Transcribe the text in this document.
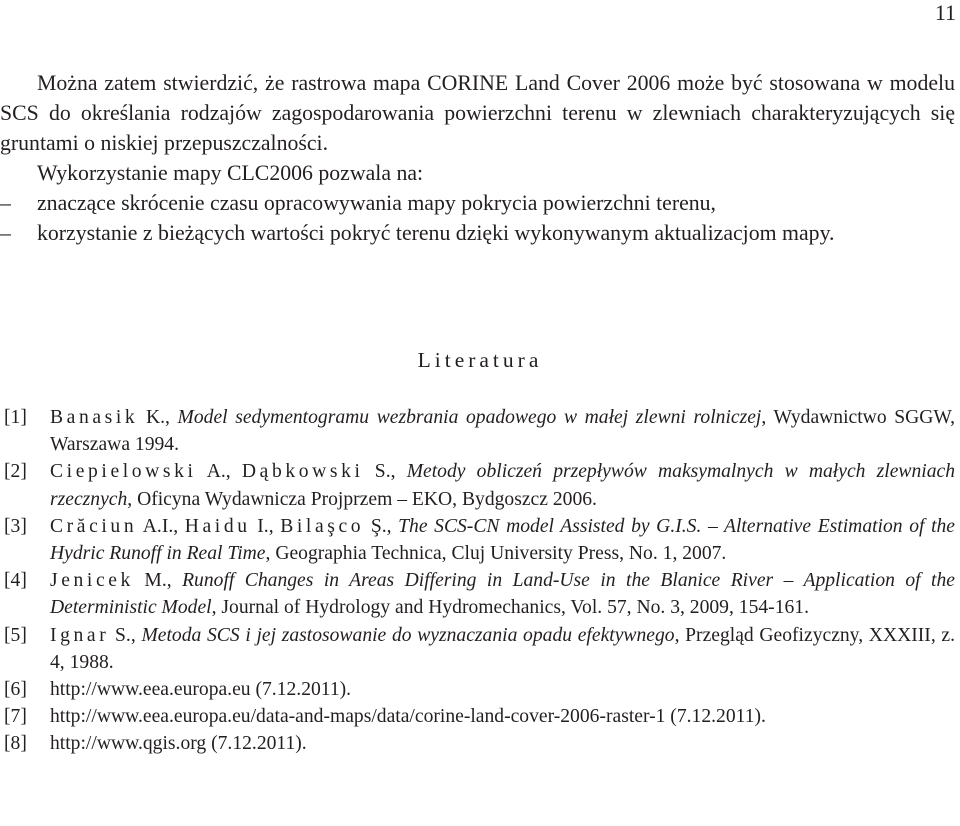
11

Można zatem stwierdzić, że rastrowa mapa CORINE Land Cover 2006 może być stosowana w modelu SCS do określania rodzajów zagospodarowania powierzchni terenu w zlewniach charakteryzujących się gruntami o niskiej przepuszczalności.

Wykorzystanie mapy CLC2006 pozwala na:

– znaczące skrócenie czasu opracowywania mapy pokrycia powierzchni terenu,
– korzystanie z bieżących wartości pokryć terenu dzięki wykonywanym aktualizacjom mapy.
Literatura
[1] Banasik K., Model sedymentogramu wezbrania opadowego w małej zlewni rolniczej, Wydawnictwo SGGW, Warszawa 1994.
[2] Ciepielowski A., Dąbkowski S., Metody obliczeń przepływów maksymalnych w małych zlewniach rzecznych, Oficyna Wydawnicza Projprzem – EKO, Bydgoszcz 2006.
[3] Crăciun A.I., Haidu I., Bilaşco Ş., The SCS-CN model Assisted by G.I.S. – Alternative Estimation of the Hydric Runoff in Real Time, Geographia Technica, Cluj University Press, No. 1, 2007.
[4] Jenicek M., Runoff Changes in Areas Differing in Land-Use in the Blanice River – Application of the Deterministic Model, Journal of Hydrology and Hydromechanics, Vol. 57, No. 3, 2009, 154-161.
[5] Ignar S., Metoda SCS i jej zastosowanie do wyznaczania opadu efektywnego, Przegląd Geofizyczny, XXXIII, z. 4, 1988.
[6] http://www.eea.europa.eu (7.12.2011).
[7] http://www.eea.europa.eu/data-and-maps/data/corine-land-cover-2006-raster-1 (7.12.2011).
[8] http://www.qgis.org (7.12.2011).
